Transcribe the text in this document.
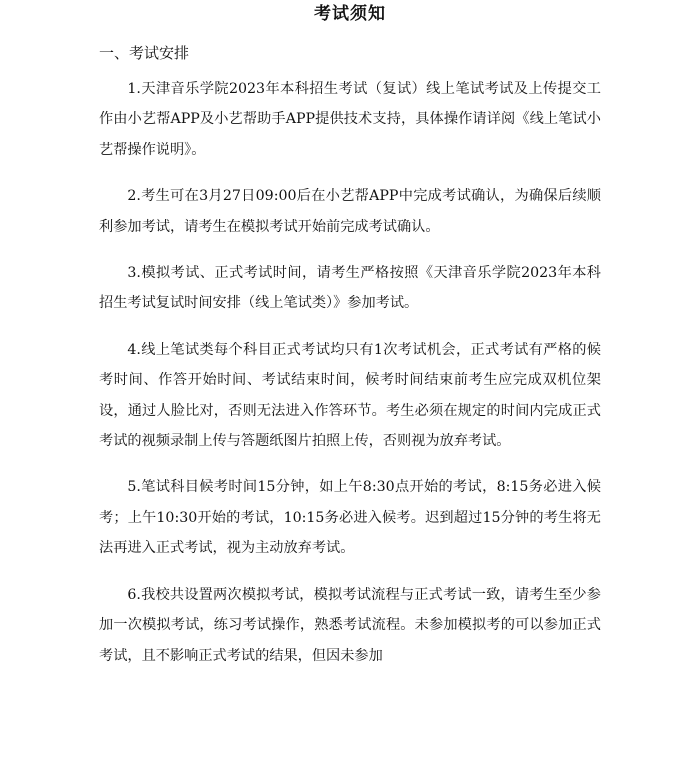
考试须知
一、考试安排

1.天津音乐学院2023年本科招生考试（复试）线上笔试考试及上传提交工作由小艺帮APP及小艺帮助手APP提供技术支持，具体操作请详阅《线上笔试小艺帮操作说明》。

2.考生可在3月27日09:00后在小艺帮APP中完成考试确认，为确保后续顺利参加考试，请考生在模拟考试开始前完成考试确认。

3.模拟考试、正式考试时间，请考生严格按照《天津音乐学院2023年本科招生考试复试时间安排（线上笔试类）》参加考试。

4.线上笔试类每个科目正式考试均只有1次考试机会，正式考试有严格的候考时间、作答开始时间、考试结束时间，候考时间结束前考生应完成双机位架设，通过人脸比对，否则无法进入作答环节。考生必须在规定的时间内完成正式考试的视频录制上传与答题纸图片拍照上传，否则视为放弃考试。

5.笔试科目候考时间15分钟，如上午8:30点开始的考试，8:15务必进入候考；上午10:30开始的考试，10:15务必进入候考。迟到超过15分钟的考生将无法再进入正式考试，视为主动放弃考试。

6.我校共设置两次模拟考试，模拟考试流程与正式考试一致，请考生至少参加一次模拟考试，练习考试操作，熟悉考试流程。未参加模拟考的可以参加正式考试，且不影响正式考试的结果，但因未参加
